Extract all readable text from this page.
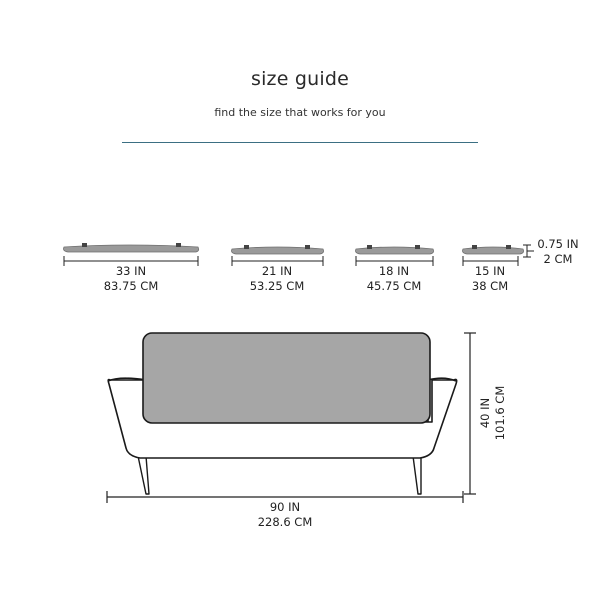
size guide
find the size that works for you
33 IN
83.75 CM
21 IN
53.25 CM
18 IN
45.75 CM
15 IN
38 CM
0.75 IN
2 CM
90 IN
228.6 CM
40 IN 101.6 CM
